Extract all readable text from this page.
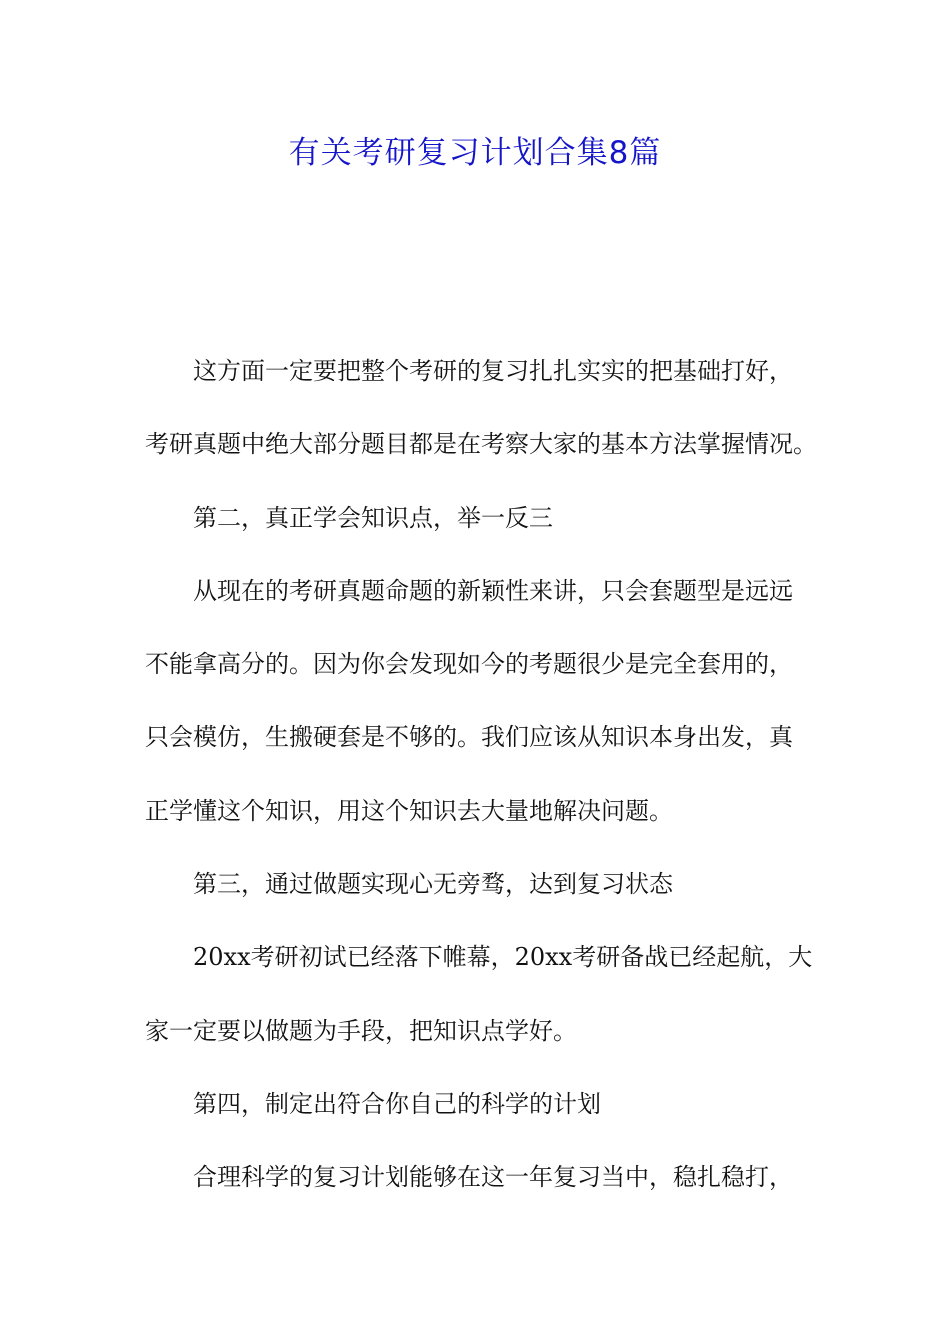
有关考研复习计划合集8篇

这方面一定要把整个考研的复习扎扎实实的把基础打好，
考研真题中绝大部分题目都是在考察大家的基本方法掌握情况。

第二，真正学会知识点，举一反三

从现在的考研真题命题的新颖性来讲，只会套题型是远远
不能拿高分的。因为你会发现如今的考题很少是完全套用的，
只会模仿，生搬硬套是不够的。我们应该从知识本身出发，真
正学懂这个知识，用这个知识去大量地解决问题。

第三，通过做题实现心无旁骛，达到复习状态

20xx考研初试已经落下帷幕，20xx考研备战已经起航，大
家一定要以做题为手段，把知识点学好。

第四，制定出符合你自己的科学的计划

合理科学的复习计划能够在这一年复习当中，稳扎稳打，
